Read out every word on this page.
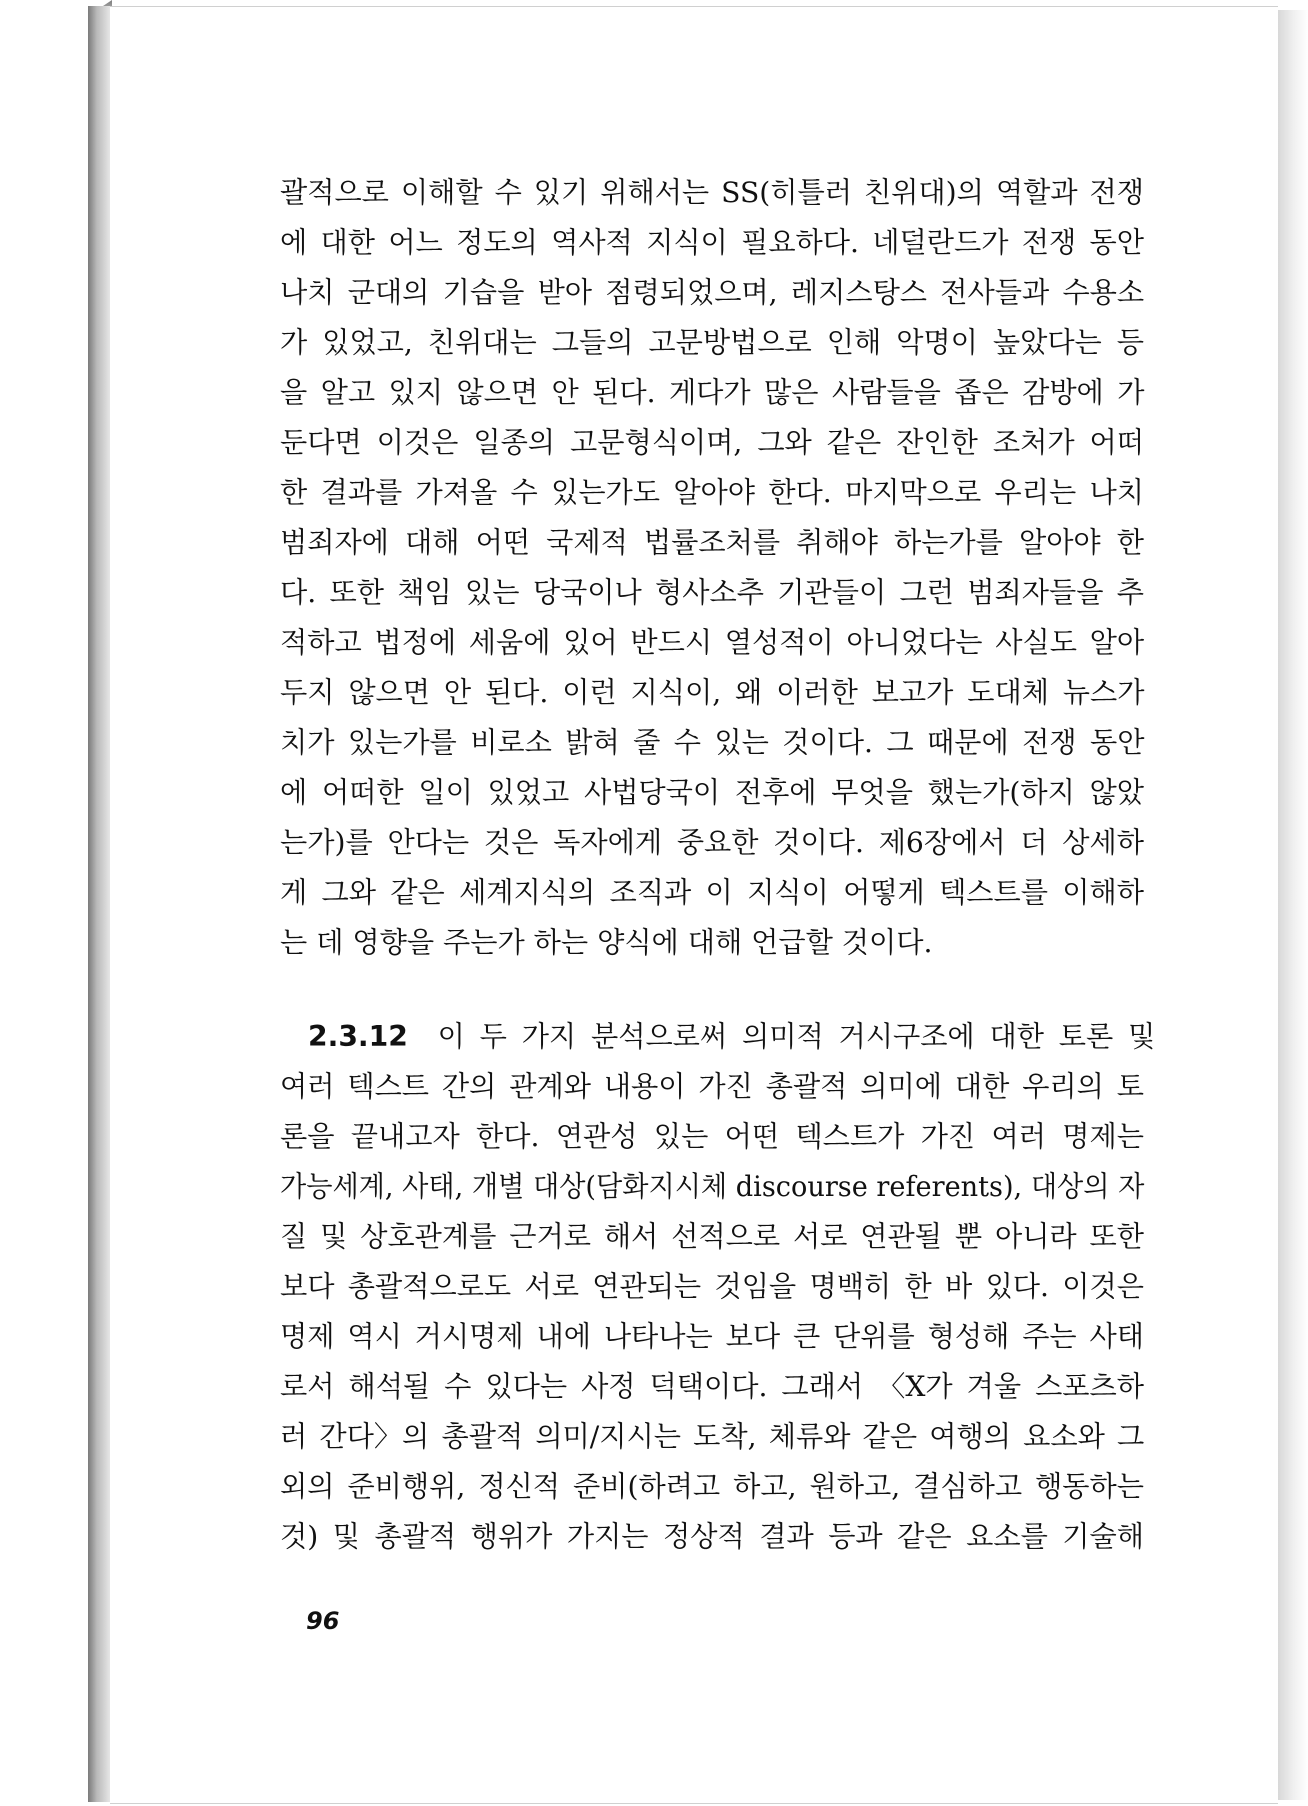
괄적으로 이해할 수 있기 위해서는 SS(히틀러 친위대)의 역할과 전쟁
에 대한 어느 정도의 역사적 지식이 필요하다. 네덜란드가 전쟁 동안
나치 군대의 기습을 받아 점령되었으며, 레지스탕스 전사들과 수용소
가 있었고, 친위대는 그들의 고문방법으로 인해 악명이 높았다는 등
을 알고 있지 않으면 안 된다. 게다가 많은 사람들을 좁은 감방에 가
둔다면 이것은 일종의 고문형식이며, 그와 같은 잔인한 조처가 어떠
한 결과를 가져올 수 있는가도 알아야 한다. 마지막으로 우리는 나치
범죄자에 대해 어떤 국제적 법률조처를 취해야 하는가를 알아야 한
다. 또한 책임 있는 당국이나 형사소추 기관들이 그런 범죄자들을 추
적하고 법정에 세움에 있어 반드시 열성적이 아니었다는 사실도 알아
두지 않으면 안 된다. 이런 지식이, 왜 이러한 보고가 도대체 뉴스가
치가 있는가를 비로소 밝혀 줄 수 있는 것이다. 그 때문에 전쟁 동안
에 어떠한 일이 있었고 사법당국이 전후에 무엇을 했는가(하지 않았
는가)를 안다는 것은 독자에게 중요한 것이다. 제6장에서 더 상세하
게 그와 같은 세계지식의 조직과 이 지식이 어떻게 텍스트를 이해하
는 데 영향을 주는가 하는 양식에 대해 언급할 것이다.
2.3.12 이 두 가지 분석으로써 의미적 거시구조에 대한 토론 및
여러 텍스트 간의 관계와 내용이 가진 총괄적 의미에 대한 우리의 토
론을 끝내고자 한다. 연관성 있는 어떤 텍스트가 가진 여러 명제는
가능세계, 사태, 개별 대상(담화지시체 discourse referents), 대상의 자
질 및 상호관계를 근거로 해서 선적으로 서로 연관될 뿐 아니라 또한
보다 총괄적으로도 서로 연관되는 것임을 명백히 한 바 있다. 이것은
명제 역시 거시명제 내에 나타나는 보다 큰 단위를 형성해 주는 사태
로서 해석될 수 있다는 사정 덕택이다. 그래서 〈X가 겨울 스포츠하
러 간다〉의 총괄적 의미/지시는 도착, 체류와 같은 여행의 요소와 그
외의 준비행위, 정신적 준비(하려고 하고, 원하고, 결심하고 행동하는
것) 및 총괄적 행위가 가지는 정상적 결과 등과 같은 요소를 기술해
96
